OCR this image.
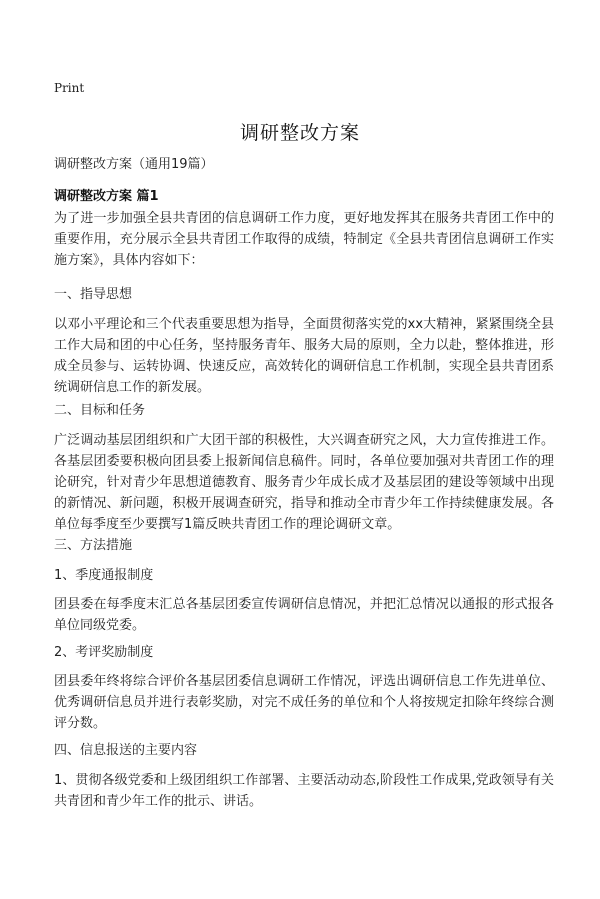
Print
调研整改方案
调研整改方案（通用19篇）
调研整改方案 篇1
为了进一步加强全县共青团的信息调研工作力度，更好地发挥其在服务共青团工作中的重要作用，充分展示全县共青团工作取得的成绩，特制定《全县共青团信息调研工作实施方案》，具体内容如下：
一、指导思想
以邓小平理论和三个代表重要思想为指导，全面贯彻落实党的xx大精神，紧紧围绕全县工作大局和团的中心任务，坚持服务青年、服务大局的原则，全力以赴，整体推进，形成全员参与、运转协调、快速反应，高效转化的调研信息工作机制，实现全县共青团系统调研信息工作的新发展。
二、目标和任务
广泛调动基层团组织和广大团干部的积极性，大兴调查研究之风，大力宣传推进工作。各基层团委要积极向团县委上报新闻信息稿件。同时，各单位要加强对共青团工作的理论研究，针对青少年思想道德教育、服务青少年成长成才及基层团的建设等领域中出现的新情况、新问题，积极开展调查研究，指导和推动全市青少年工作持续健康发展。各单位每季度至少要撰写1篇反映共青团工作的理论调研文章。
三、方法措施
1、季度通报制度
团县委在每季度末汇总各基层团委宣传调研信息情况，并把汇总情况以通报的形式报各单位同级党委。
2、考评奖励制度
团县委年终将综合评价各基层团委信息调研工作情况，评选出调研信息工作先进单位、优秀调研信息员并进行表彰奖励，对完不成任务的单位和个人将按规定扣除年终综合测评分数。
四、信息报送的主要内容
1、贯彻各级党委和上级团组织工作部署、主要活动动态,阶段性工作成果,党政领导有关共青团和青少年工作的批示、讲话。
